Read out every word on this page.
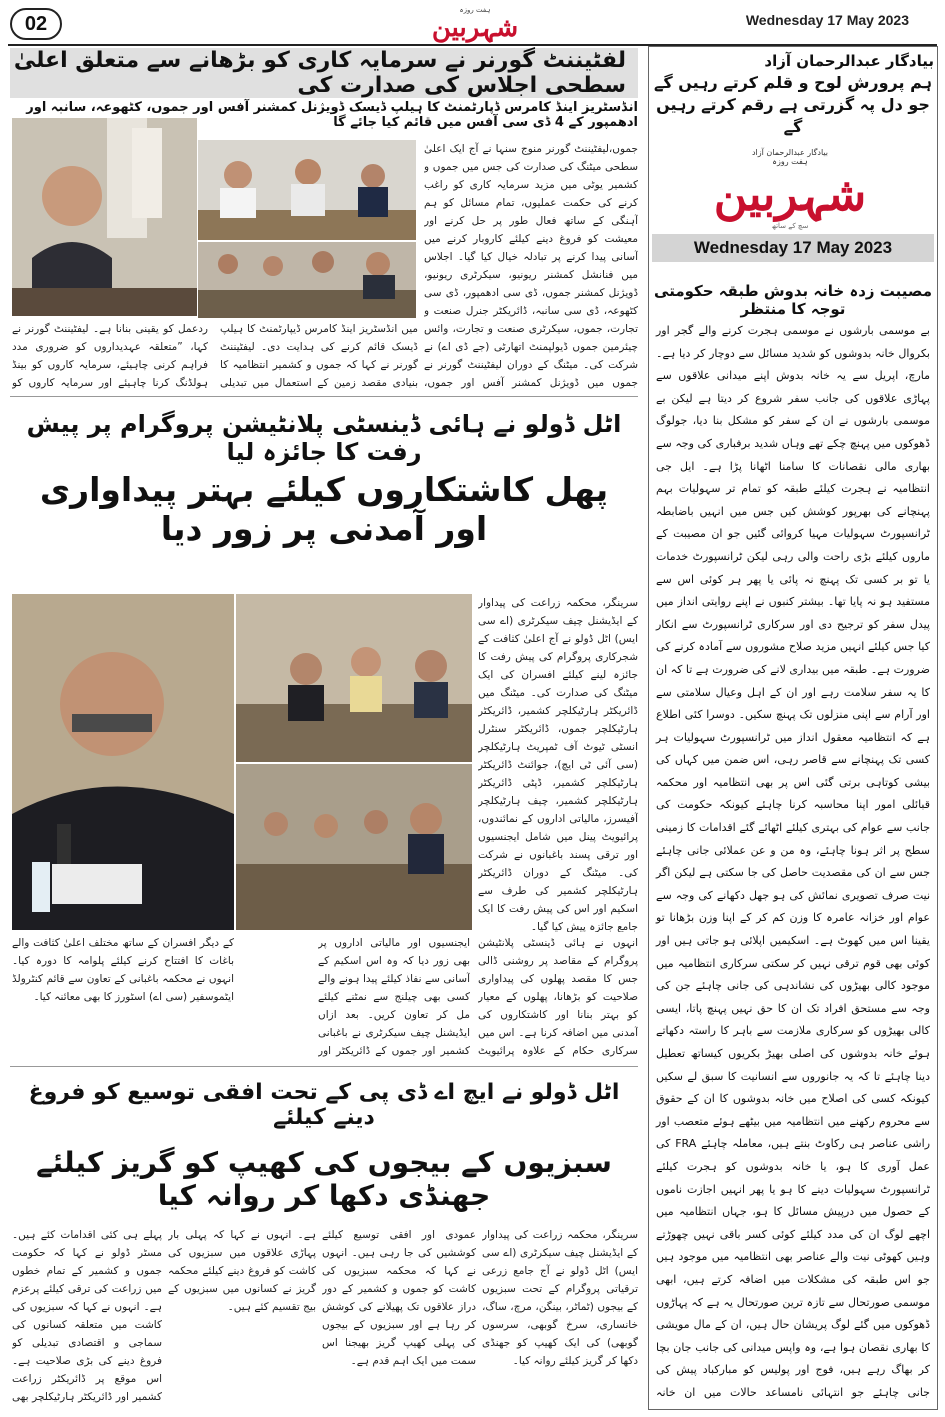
02
ہفت روزہ
شہربین	Wednesday 17 May 2023
لفٹیننٹ گورنر نے سرمایہ کاری کو بڑھانے سے متعلق اعلیٰ سطحی اجلاس کی صدارت کی
انڈسٹریز اینڈ کامرس ڈپارٹمنٹ کا ہیلپ ڈیسک ڈویژنل کمشنر آفس اور جموں، کٹھوعہ، سانبہ اور ادھمپور کے 4 ڈی سی آفس میں قائم کیا جائے گا
جموں،لیفٹیننٹ گورنر منوج سنہا نے آج ایک اعلیٰ سطحی میٹنگ کی صدارت کی جس میں جموں و کشمیر یوٹی میں مزید سرمایہ کاری کو راغب کرنے کی حکمت عملیوں، تمام مسائل کو ہم آہنگی کے ساتھ فعال طور پر حل کرنے اور معیشت کو فروغ دینے کیلئے کاروبار کرنے میں آسانی پیدا کرنے پر تبادلہ خیال کیا گیا۔ اجلاس میں فنانشل کمشنر ریونیو، سیکرٹری ریونیو، ڈویژنل کمشنر جموں، ڈی سی ادھمپور، ڈی سی کٹھوعہ، ڈی سی سانبہ، ڈائریکٹر جنرل صنعت و تجارت، جموں، سیکرٹری صنعت و تجارت، وائس چیئرمین جموں ڈیولپمنٹ اتھارٹی (جے ڈی اے) نے شرکت کی۔ میٹنگ کے دوران لیفٹیننٹ گورنر نے جموں میں ڈویژنل کمشنر آفس اور جموں،
میں انڈسٹریز اینڈ کامرس ڈیپارٹمنٹ کا ہیلپ ڈیسک قائم کرنے کی ہدایت دی۔ لیفٹیننٹ گورنر نے کہا کہ جموں و کشمیر انتظامیہ کا بنیادی مقصد زمین کے استعمال میں تبدیلی
ردعمل کو یقینی بنانا ہے۔ لیفٹیننٹ گورنر نے کہا، ”متعلقہ عہدیداروں کو ضروری مدد فراہم کرنی چاہیئے، سرمایہ کاروں کو بینڈ ہولڈنگ کرنا چاہیئے اور سرمایہ کاروں کو
اٹل ڈولو نے ہائی ڈینسٹی پلانٹیشن پروگرام پر پیش رفت کا جائزہ لیا
پھل کاشتکاروں کیلئے بہتر پیداواری اور آمدنی پر زور دیا
سرینگر، محکمہ زراعت کی پیداوار کے ایڈیشنل چیف سیکرٹری (اے سی ایس) اٹل ڈولو نے آج اعلیٰ کثافت کے شجرکاری پروگرام کی پیش رفت کا جائزہ لینے کیلئے افسران کی ایک میٹنگ کی صدارت کی۔ میٹنگ میں ڈائریکٹر ہارٹیکلچر کشمیر، ڈائریکٹر ہارٹیکلچر جموں، ڈائریکٹر سنٹرل انسٹی ٹیوٹ آف ٹمپریٹ ہارٹیکلچر (سی آئی ٹی ایچ)، جوائنٹ ڈائریکٹر ہارٹیکلچر کشمیر، ڈپٹی ڈائریکٹر ہارٹیکلچر کشمیر، چیف ہارٹیکلچر آفیسرز، مالیاتی اداروں کے نمائندوں، پرائیویٹ پینل میں شامل ایجنسیوں اور ترقی پسند باغبانوں نے شرکت کی۔ میٹنگ کے دوران ڈائریکٹر ہارٹیکلچر کشمیر کی طرف سے اسکیم اور اس کی پیش رفت کا ایک جامع جائزہ پیش کیا گیا۔
انہوں نے ہائی ڈینسٹی پلانٹیشن پروگرام کے مقاصد پر روشنی ڈالی جس کا مقصد پھلوں کی پیداواری صلاحیت کو بڑھانا، پھلوں کے معیار کو بہتر بنانا اور کاشتکاروں کی آمدنی میں اضافہ کرنا ہے۔ اس میں سرکاری حکام کے علاوہ پرائیویٹ
ایجنسیوں اور مالیاتی اداروں پر بھی زور دیا کہ وہ اس اسکیم کے آسانی سے نفاذ کیلئے پیدا ہونے والے کسی بھی چیلنج سے نمٹنے کیلئے مل کر تعاون کریں۔ بعد ازاں ایڈیشنل چیف سیکرٹری نے باغبانی کشمیر اور جموں کے ڈائریکٹر اور
کے دیگر افسران کے ساتھ مختلف اعلیٰ کثافت والے باغات کا افتتاح کرنے کیلئے پلوامہ کا دورہ کیا۔ انہوں نے محکمہ باغبانی کے تعاون سے قائم کنٹرولڈ ایٹموسفیر (سی اے) اسٹورز کا بھی معائنہ کیا۔
اٹل ڈولو نے ایچ اے ڈی پی کے تحت افقی توسیع کو فروغ دینے کیلئے
سبزیوں کے بیجوں کی کھیپ کو گریز کیلئے جھنڈی دکھا کر روانہ کیا
سرینگر، محکمہ زراعت کی پیداوار کے ایڈیشنل چیف سیکرٹری (اے سی ایس) اٹل ڈولو نے آج جامع زرعی ترقیاتی پروگرام کے تحت سبزیوں کے بیجوں (ٹماٹر، بینگن، مرچ، ساگ، خانساری، سرخ گوبھی، سرسوں گوبھی) کی ایک کھیپ کو جھنڈی دکھا کر گریز کیلئے روانہ کیا۔
عمودی اور افقی توسیع کیلئے کوششیں کی جا رہی ہیں۔ انہوں نے کہا کہ محکمہ سبزیوں کی کاشت کو جموں و کشمیر کے دور دراز علاقوں تک پھیلانے کی کوشش کر رہا ہے اور سبزیوں کے بیجوں کی پہلی کھیپ گریز بھیجنا اس سمت میں ایک اہم قدم ہے۔
ہے۔ انہوں نے کہا کہ پہلی بار پہاڑی علاقوں میں سبزیوں کی کاشت کو فروغ دینے کیلئے محکمہ گریز نے کسانوں میں سبزیوں کے بیج تقسیم کئے ہیں۔
پہلے ہی کئی اقدامات کئے ہیں۔ مسٹر ڈولو نے کہا کہ حکومت جموں و کشمیر کے تمام خطوں میں زراعت کی ترقی کیلئے پرعزم ہے۔ انہوں نے کہا کہ سبزیوں کی کاشت میں متعلقہ کسانوں کی سماجی و اقتصادی تبدیلی کو فروغ دینے کی بڑی صلاحیت ہے۔ اس موقع پر ڈائریکٹر زراعت کشمیر اور ڈائریکٹر ہارٹیکلچر بھی
بیادگار عبدالرحمان آزاد
ہم پرورش لوح و قلم کرتے رہیں گے
جو دل پہ گزرتی ہے رقم کرتے رہیں گے
بیادگار عبدالرحمان آزاد
ہفت روزہ
شہربین
سچ کے ساتھ
Wednesday 17 May 2023
مصیبت زدہ خانہ بدوش طبقہ حکومتی توجہ کا منتظر
بے موسمی بارشوں نے موسمی ہجرت کرنے والے گجر اور بکروال خانہ بدوشوں کو شدید مسائل سے دوچار کر دیا ہے۔ مارچ، اپریل سے یہ خانہ بدوش اپنے میدانی علاقوں سے پہاڑی علاقوں کی جانب سفر شروع کر دیتا ہے لیکن بے موسمی بارشوں نے ان کے سفر کو مشکل بنا دیا، جولوگ ڈھوکوں میں پہنچ چکے تھے وہاں شدید برفباری کی وجہ سے بھاری مالی نقصانات کا سامنا اٹھانا پڑا ہے۔ ایل جی انتظامیہ نے ہجرت کیلئے طبقہ کو تمام تر سہولیات بہم پہنچانے کی بھرپور کوشش کیں جس میں انہیں باضابطہ ٹرانسپورٹ سہولیات مہیا کروائی گئیں جو ان مصیبت کے ماروں کیلئے بڑی راحت والی رہی لیکن ٹرانسپورٹ خدمات یا تو بر کسی تک پہنچ نہ پائی یا پھر ہر کوئی اس سے مستفید ہو نہ پایا تھا۔ بیشتر کنبوں نے اپنے روایتی انداز میں پیدل سفر کو ترجیح دی اور سرکاری ٹرانسپورٹ سے انکار کیا جس کیلئے انہیں مزید صلاح مشوروں سے آمادہ کرنے کی ضرورت ہے۔ طبقہ میں بیداری لانے کی ضرورت ہے تا کہ ان کا یہ سفر سلامت رہے اور ان کے اہل وعیال سلامتی سے اور آرام سے اپنی منزلوں تک پہنچ سکیں۔ دوسرا کئی اطلاع ہے کہ انتظامیہ معقول انداز میں ٹرانسپورٹ سہولیات ہر کسی تک پہنچانے سے قاصر رہی، اس ضمن میں کہاں کی بیشی کوتاہی برتی گئی اس پر بھی انتظامیہ اور محکمہ قبائلی امور اپنا محاسبہ کرنا چاہئے کیونکہ حکومت کی جانب سے عوام کی بہتری کیلئے اٹھائے گئے اقدامات کا زمینی سطح پر اثر ہونا چاہئے، وہ من و عن عملائی جانی چاہئے جس سے ان کی مقصدیت حاصل کی جا سکتی ہے لیکن اگر نیت صرف تصویری نمائش کی ہو جھل دکھانے کی وجہ سے عوام اور خزانہ عامرہ کا وزن کم کر کے اپنا وزن بڑھانا تو یقینا اس میں کھوٹ ہے۔ اسکیمیں اپلائی ہو جاتی ہیں اور کوئی بھی قوم ترقی نہیں کر سکتی سرکاری انتظامیہ میں موجود کالی بھیڑوں کی نشاندہی کی جانی چاہئے جن کی وجہ سے مستحق افراد تک ان کا حق نہیں پہنچ پاتا، ایسی کالی بھیڑوں کو سرکاری ملازمت سے باہر کا راستہ دکھاتے ہوئے خانہ بدوشوں کی اصلی بھیڑ بکریوں کیساتھ تعطیل دینا چاہئے تا کہ یہ جانوروں سے انسانیت کا سبق لے سکیں کیونکہ کسی کی اصلاح میں خانہ بدوشوں کا ان کے حقوق سے محروم رکھنے میں انتظامیہ میں بیٹھے ہوئے متعصب اور راشی عناصر ہی رکاوٹ بنتے ہیں، معاملہ چاہئے FRA کی عمل آوری کا ہو، یا خانہ بدوشوں کو ہجرت کیلئے ٹرانسپورٹ سہولیات دینے کا ہو یا پھر انہیں اجازت ناموں کے حصول میں درپیش مسائل کا ہو، جہاں انتظامیہ میں اچھے لوگ ان کی مدد کیلئے کوئی کسر باقی نہیں چھوڑتے وہیں کھوٹی نیت والے عناصر بھی انتظامیہ میں موجود ہیں جو اس طبقہ کی مشکلات میں اضافہ کرتے ہیں، ابھی موسمی صورتحال سے تازہ ترین صورتحال یہ ہے کہ پہاڑوں ڈھوکوں میں گئے لوگ پریشان حال ہیں، ان کے مال مویشی کا بھاری نقصان ہوا ہے، وہ واپس میدانی کی جانب جان بچا کر بھاگ رہے ہیں، فوج اور پولیس کو مبارکباد پیش کی جانی چاہئے جو انتہائی نامساعد حالات میں ان خانہ
